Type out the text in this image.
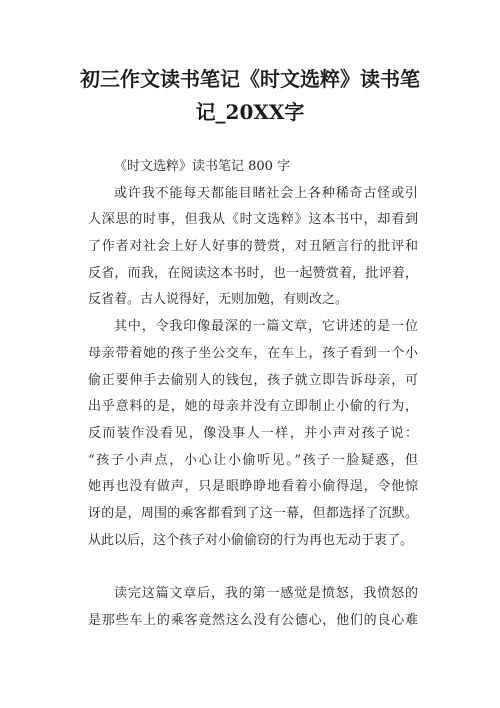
初三作文读书笔记《时文选粹》读书笔
记_20XX字
《时文选粹》读书笔记 800 字
或许我不能每天都能目睹社会上各种稀奇古怪或引
人深思的时事，但我从《时文选粹》这本书中，却看到
了作者对社会上好人好事的赞赏，对丑陋言行的批评和
反省，而我，在阅读这本书时，也一起赞赏着，批评着，
反省着。古人说得好，无则加勉，有则改之。
其中，令我印像最深的一篇文章，它讲述的是一位
母亲带着她的孩子坐公交车，在车上，孩子看到一个小
偷正要伸手去偷别人的钱包，孩子就立即告诉母亲，可
出乎意料的是，她的母亲并没有立即制止小偷的行为，
反而装作没看见，像没事人一样，并小声对孩子说：
“孩子小声点，小心让小偷听见。”孩子一脸疑惑，但
她再也没有做声，只是眼睁睁地看着小偷得逞，令他惊
讶的是，周围的乘客都看到了这一幕，但都选择了沉默。
从此以后，这个孩子对小偷偷窃的行为再也无动于衷了。
读完这篇文章后，我的第一感觉是愤怒，我愤怒的
是那些车上的乘客竟然这么没有公德心，他们的良心难
